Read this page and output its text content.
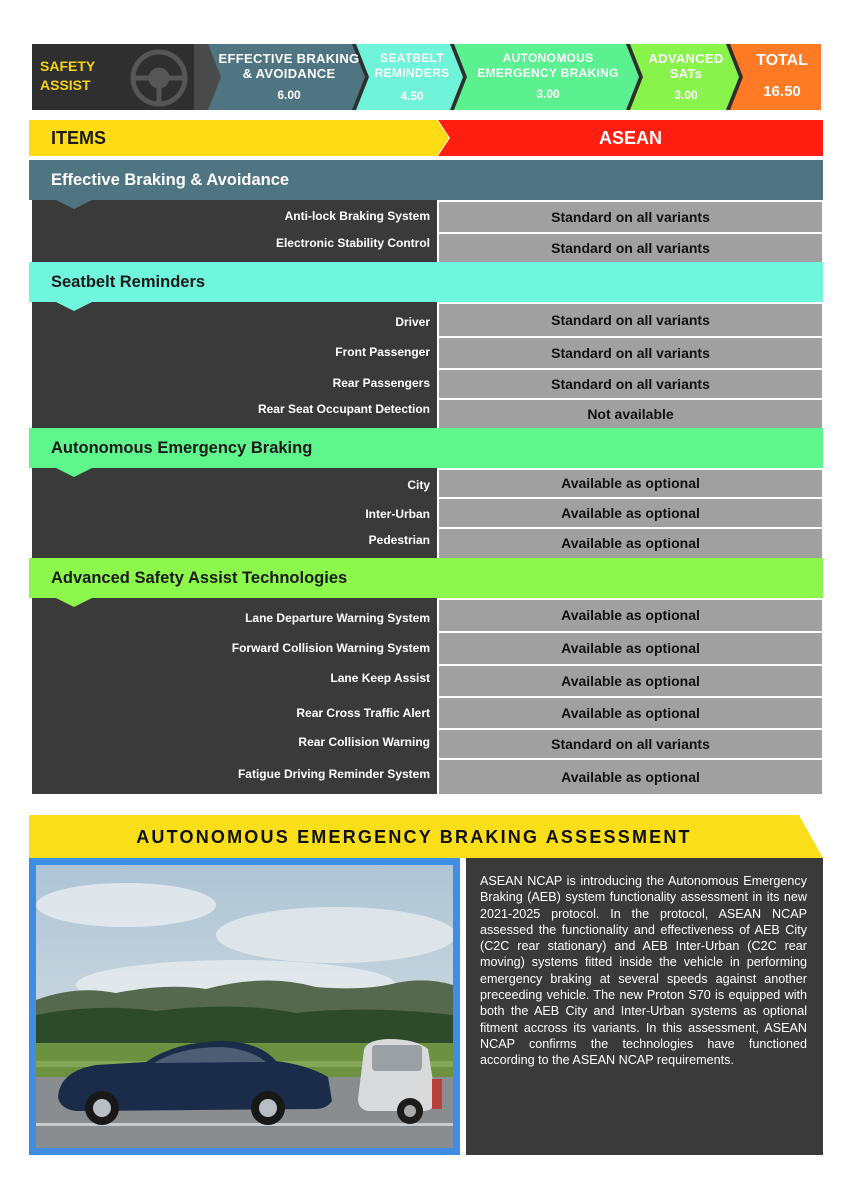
SAFETY
ASSIST
EFFECTIVE BRAKING
& AVOIDANCE
6.00
SEATBELT
REMINDERS
4.50
AUTONOMOUS
EMERGENCY BRAKING
3.00
ADVANCED
SATs
3.00
TOTAL
16.50
ITEMS	ASEAN
Effective Braking & Avoidance
Anti-lock Braking System	Standard on all variants
Electronic Stability Control	Standard on all variants
Seatbelt Reminders
Driver	Standard on all variants
Front Passenger	Standard on all variants
Rear Passengers	Standard on all variants
Rear Seat Occupant Detection	Not available
Autonomous Emergency Braking
City	Available as optional
Inter-Urban	Available as optional
Pedestrian	Available as optional
Advanced Safety Assist Technologies
Lane Departure Warning System	Available as optional
Forward Collision Warning System	Available as optional
Lane Keep Assist	Available as optional
Rear Cross Traffic Alert	Available as optional
Rear Collision Warning	Standard on all variants
Fatigue Driving Reminder System	Available as optional
AUTONOMOUS EMERGENCY BRAKING ASSESSMENT
ASEAN NCAP is introducing the Autonomous Emergency Braking (AEB) system functionality assessment in its new 2021-2025 protocol. In the protocol, ASEAN NCAP assessed the functionality and effectiveness of AEB City (C2C rear stationary) and AEB Inter-Urban (C2C rear moving) systems fitted inside the vehicle in performing emergency braking at several speeds against another preceeding vehicle. The new Proton S70 is equipped with both the AEB City and Inter-Urban systems as optional fitment accross its variants. In this assessment, ASEAN NCAP confirms the technologies have functioned according to the ASEAN NCAP requirements.
